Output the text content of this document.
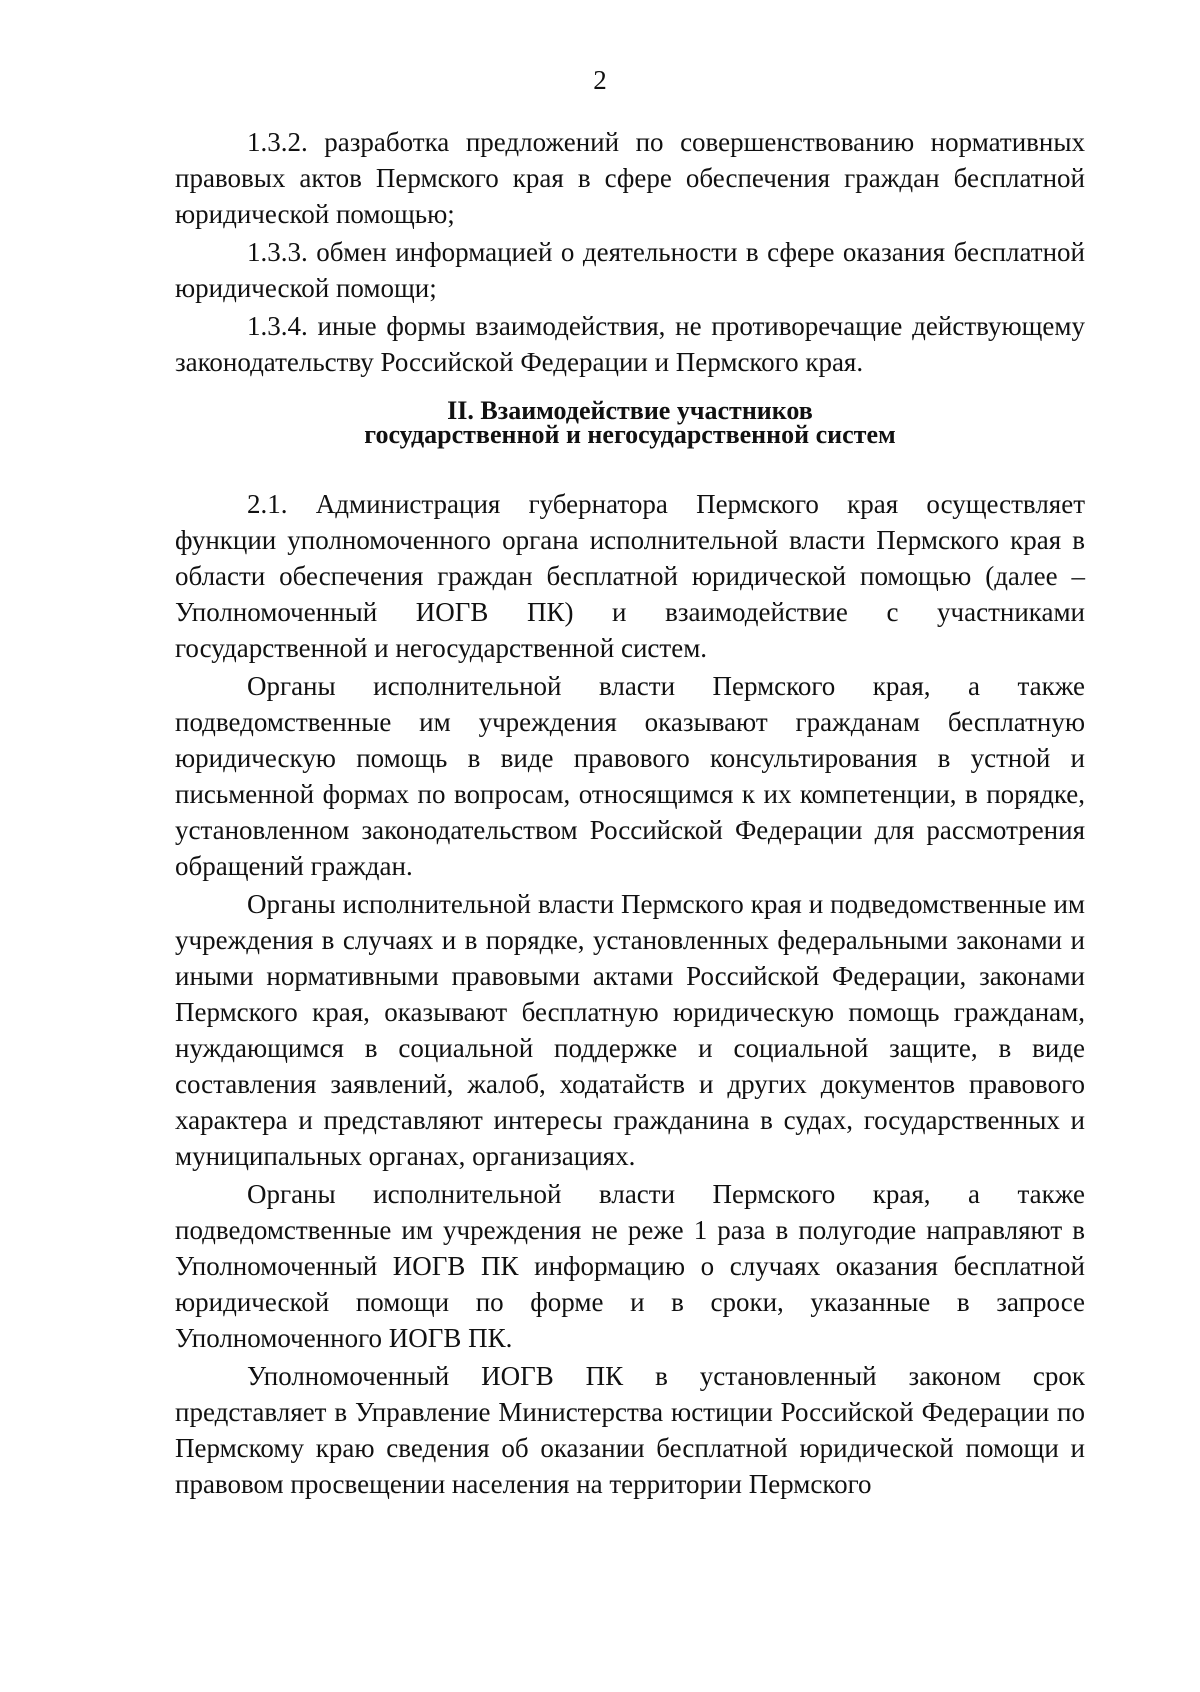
2

1.3.2. разработка предложений по совершенствованию нормативных правовых актов Пермского края в сфере обеспечения граждан бесплатной юридической помощью;

1.3.3. обмен информацией о деятельности в сфере оказания бесплатной юридической помощи;

1.3.4. иные формы взаимодействия, не противоречащие действующему законодательству Российской Федерации и Пермского края.

II. Взаимодействие участников
государственной и негосударственной систем

2.1. Администрация губернатора Пермского края осуществляет функции уполномоченного органа исполнительной власти Пермского края в области обеспечения граждан бесплатной юридической помощью (далее – Уполномоченный ИОГВ ПК) и взаимодействие с участниками государственной и негосударственной систем.

Органы исполнительной власти Пермского края, а также подведомственные им учреждения оказывают гражданам бесплатную юридическую помощь в виде правового консультирования в устной и письменной формах по вопросам, относящимся к их компетенции, в порядке, установленном законодательством Российской Федерации для рассмотрения обращений граждан.

Органы исполнительной власти Пермского края и подведомственные им учреждения в случаях и в порядке, установленных федеральными законами и иными нормативными правовыми актами Российской Федерации, законами Пермского края, оказывают бесплатную юридическую помощь гражданам, нуждающимся в социальной поддержке и социальной защите, в виде составления заявлений, жалоб, ходатайств и других документов правового характера и представляют интересы гражданина в судах, государственных и муниципальных органах, организациях.

Органы исполнительной власти Пермского края, а также подведомственные им учреждения не реже 1 раза в полугодие направляют в Уполномоченный ИОГВ ПК информацию о случаях оказания бесплатной юридической помощи по форме и в сроки, указанные в запросе Уполномоченного ИОГВ ПК.

Уполномоченный ИОГВ ПК в установленный законом срок представляет в Управление Министерства юстиции Российской Федерации по Пермскому краю сведения об оказании бесплатной юридической помощи и правовом просвещении населения на территории Пермского
